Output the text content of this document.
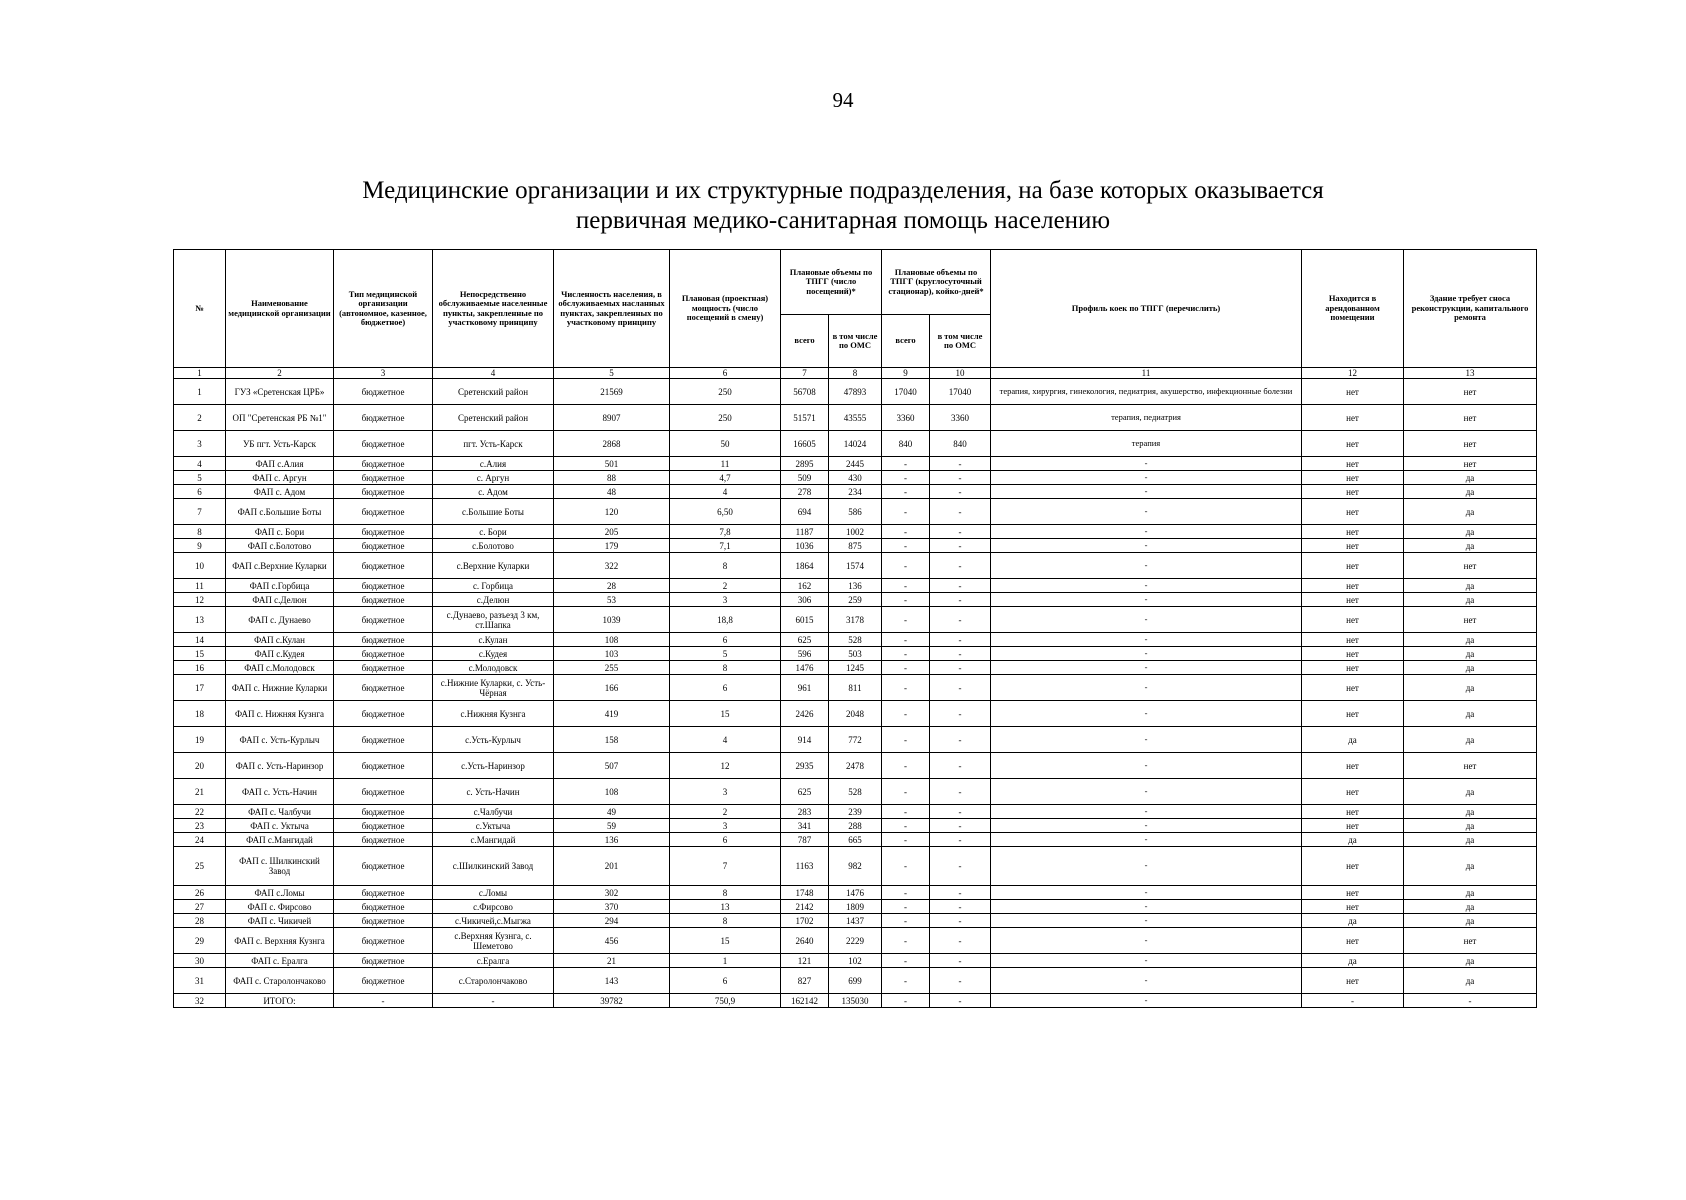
94
Медицинские организации и их структурные подразделения, на базе которых оказывается
первичная медико-санитарная помощь населению
№	Наименование медицинской организации	Тип медицинской организации (автономное, казенное, бюджетное)	Непосредственно обслуживаемые населенные пункты, закрепленные по участковому принципу	Численность населения, в обслуживаемых насланных пунктах, закрепленных по участковому принципу	Плановая (проектная) мощность (число посещений в смену)	Плановые объемы по ТПГГ (число посещений)*		Плановые объемы по ТПГГ (круглосуточный стационар), койко-дней*		Профиль коек по ТПГГ (перечислить)	Находится в арендованном помещении	Здание требует сноса реконструкции, капитального ремонта
						всего	в том числе по ОМС	всего	в том числе по ОМС			
1	2	3	4	5	6	7	8	9	10	11	12	13
1	ГУЗ «Сретенская ЦРБ»	бюджетное	Сретенский район	21569	250	56708	47893	17040	17040	терапия, хирургия, гинекология, педиатрия, акушерство, инфекционные болезни	нет	нет
2	ОП "Сретенская РБ №1"	бюджетное	Сретенский район	8907	250	51571	43555	3360	3360	терапия, педиатрия	нет	нет
3	УБ пгт. Усть-Карск	бюджетное	пгт. Усть-Карск	2868	50	16605	14024	840	840	терапия	нет	нет
4	ФАП с.Алия	бюджетное	с.Алия	501	11	2895	2445	-	-	-	нет	нет
5	ФАП с. Аргун	бюджетное	с. Аргун	88	4,7	509	430	-	-	-	нет	да
6	ФАП с. Адом	бюджетное	с. Адом	48	4	278	234	-	-	-	нет	да
7	ФАП с.Большие Боты	бюджетное	с.Большие Боты	120	6,50	694	586	-	-	-	нет	да
8	ФАП с. Бори	бюджетное	с. Бори	205	7,8	1187	1002	-	-	-	нет	да
9	ФАП с.Болотово	бюджетное	с.Болотово	179	7,1	1036	875	-	-	-	нет	да
10	ФАП с.Верхние Куларки	бюджетное	с.Верхние Куларки	322	8	1864	1574	-	-	-	нет	нет
11	ФАП с.Горбица	бюджетное	с. Горбица	28	2	162	136	-	-	-	нет	да
12	ФАП с.Делюн	бюджетное	с.Делюн	53	3	306	259	-	-	-	нет	да
13	ФАП с. Дунаево	бюджетное	с.Дунаево, разъезд 3 км, ст.Шапка	1039	18,8	6015	3178	-	-	-	нет	нет
14	ФАП с.Кулан	бюджетное	с.Кулан	108	6	625	528	-	-	-	нет	да
15	ФАП с.Кудея	бюджетное	с.Кудея	103	5	596	503	-	-	-	нет	да
16	ФАП с.Молодовск	бюджетное	с.Молодовск	255	8	1476	1245	-	-	-	нет	да
17	ФАП с. Нижние Куларки	бюджетное	с.Нижние Куларки, с. Усть-Чёрная	166	6	961	811	-	-	-	нет	да
18	ФАП с. Нижняя Кузнга	бюджетное	с.Нижняя Кузнга	419	15	2426	2048	-	-	-	нет	да
19	ФАП с. Усть-Курлыч	бюджетное	с.Усть-Курлыч	158	4	914	772	-	-	-	да	да
20	ФАП с. Усть-Наринзор	бюджетное	с.Усть-Наринзор	507	12	2935	2478	-	-	-	нет	нет
21	ФАП с. Усть-Начин	бюджетное	с. Усть-Начин	108	3	625	528	-	-	-	нет	да
22	ФАП с. Чалбучи	бюджетное	с.Чалбучи	49	2	283	239	-	-	-	нет	да
23	ФАП с. Уктыча	бюджетное	с.Уктыча	59	3	341	288	-	-	-	нет	да
24	ФАП с.Мангидай	бюджетное	с.Мангидай	136	6	787	665	-	-	-	да	да
25	ФАП с. Шилкинский Завод	бюджетное	с.Шилкинский Завод	201	7	1163	982	-	-	-	нет	да
26	ФАП с.Ломы	бюджетное	с.Ломы	302	8	1748	1476	-	-	-	нет	да
27	ФАП с. Фирсово	бюджетное	с.Фирсово	370	13	2142	1809	-	-	-	нет	да
28	ФАП с. Чикичей	бюджетное	с.Чикичей,с.Мыгжа	294	8	1702	1437	-	-	-	да	да
29	ФАП с. Верхняя Кузнга	бюджетное	с.Верхняя Кузнга, с. Шеметово	456	15	2640	2229	-	-	-	нет	нет
30	ФАП с. Ералга	бюджетное	с.Ералга	21	1	121	102	-	-	-	да	да
31	ФАП с. Старолончаково	бюджетное	с.Старолончаково	143	6	827	699	-	-	-	нет	да
32	ИТОГО:	-	-	39782	750,9	162142	135030	-	-	-	-	-
